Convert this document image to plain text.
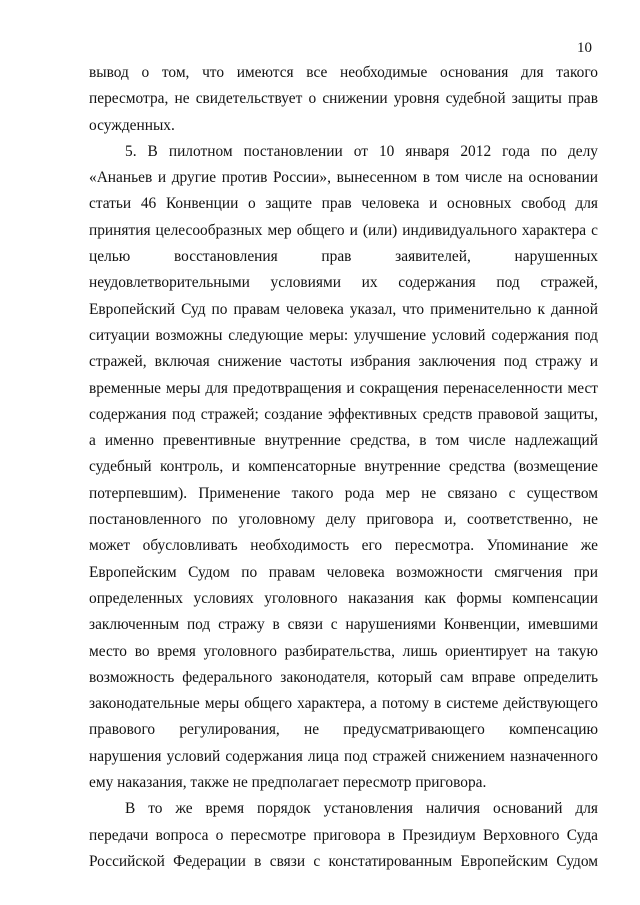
10
вывод о том, что имеются все необходимые основания для такого
пересмотра, не свидетельствует о снижении уровня судебной защиты прав
осужденных.
5. В пилотном постановлении от 10 января 2012 года по делу
«Ананьев и другие против России», вынесенном в том числе на основании
статьи 46 Конвенции о защите прав человека и основных свобод для
принятия целесообразных мер общего и (или) индивидуального характера с
целью восстановления прав заявителей, нарушенных
неудовлетворительными условиями их содержания под стражей,
Европейский Суд по правам человека указал, что применительно к данной
ситуации возможны следующие меры: улучшение условий содержания под
стражей, включая снижение частоты избрания заключения под стражу и
временные меры для предотвращения и сокращения перенаселенности мест
содержания под стражей; создание эффективных средств правовой защиты,
а именно превентивные внутренние средства, в том числе надлежащий
судебный контроль, и компенсаторные внутренние средства (возмещение
потерпевшим). Применение такого рода мер не связано с существом
постановленного по уголовному делу приговора и, соответственно, не
может обусловливать необходимость его пересмотра. Упоминание же
Европейским Судом по правам человека возможности смягчения при
определенных условиях уголовного наказания как формы компенсации
заключенным под стражу в связи с нарушениями Конвенции, имевшими
место во время уголовного разбирательства, лишь ориентирует на такую
возможность федерального законодателя, который сам вправе определить
законодательные меры общего характера, а потому в системе действующего
правового регулирования, не предусматривающего компенсацию
нарушения условий содержания лица под стражей снижением назначенного
ему наказания, также не предполагает пересмотр приговора.
В то же время порядок установления наличия оснований для
передачи вопроса о пересмотре приговора в Президиум Верховного Суда
Российской Федерации в связи с констатированным Европейским Судом
